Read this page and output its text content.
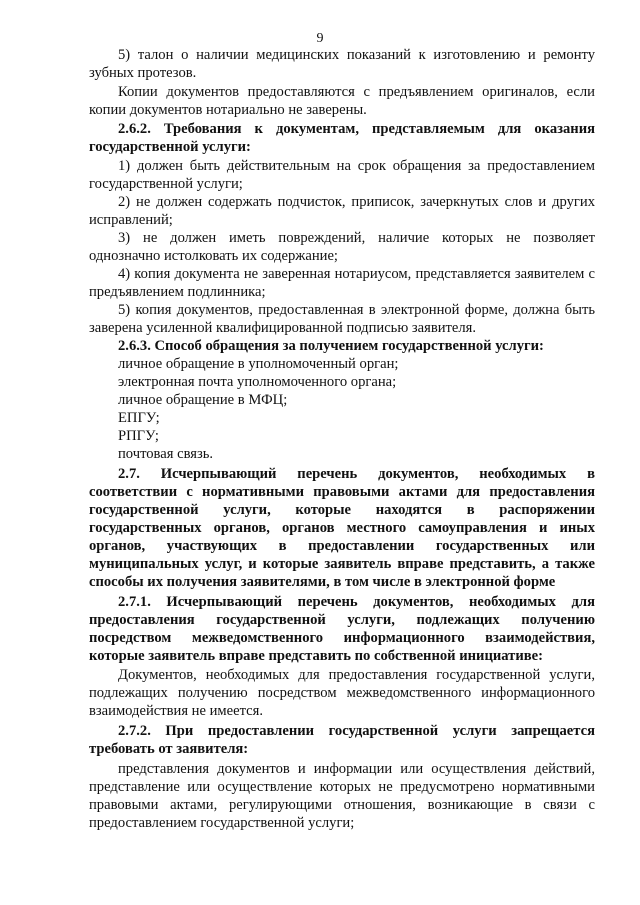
9

5) талон о наличии медицинских показаний к изготовлению и ремонту зубных протезов.

Копии документов предоставляются с предъявлением оригиналов, если копии документов нотариально не заверены.

2.6.2. Требования к документам, представляемым для оказания государственной услуги:

1) должен быть действительным на срок обращения за предоставлением государственной услуги;

2) не должен содержать подчисток, приписок, зачеркнутых слов и других исправлений;

3) не должен иметь повреждений, наличие которых не позволяет однозначно истолковать их содержание;

4) копия документа не заверенная нотариусом, представляется заявителем с предъявлением подлинника;

5) копия документов, предоставленная в электронной форме, должна быть заверена усиленной квалифицированной подписью заявителя.

2.6.3. Способ обращения за получением государственной услуги:

личное обращение в уполномоченный орган;

электронная почта уполномоченного органа;

личное обращение в МФЦ;

ЕПГУ;

РПГУ;

почтовая связь.

2.7. Исчерпывающий перечень документов, необходимых в соответствии с нормативными правовыми актами для предоставления государственной услуги, которые находятся в распоряжении государственных органов, органов местного самоуправления и иных органов, участвующих в предоставлении государственных или муниципальных услуг, и которые заявитель вправе представить, а также способы их получения заявителями, в том числе в электронной форме

2.7.1. Исчерпывающий перечень документов, необходимых для предоставления государственной услуги, подлежащих получению посредством межведомственного информационного взаимодействия, которые заявитель вправе представить по собственной инициативе:

Документов, необходимых для предоставления государственной услуги, подлежащих получению посредством межведомственного информационного взаимодействия не имеется.

2.7.2. При предоставлении государственной услуги запрещается требовать от заявителя:

представления документов и информации или осуществления действий, представление или осуществление которых не предусмотрено нормативными правовыми актами, регулирующими отношения, возникающие в связи с предоставлением государственной услуги;
